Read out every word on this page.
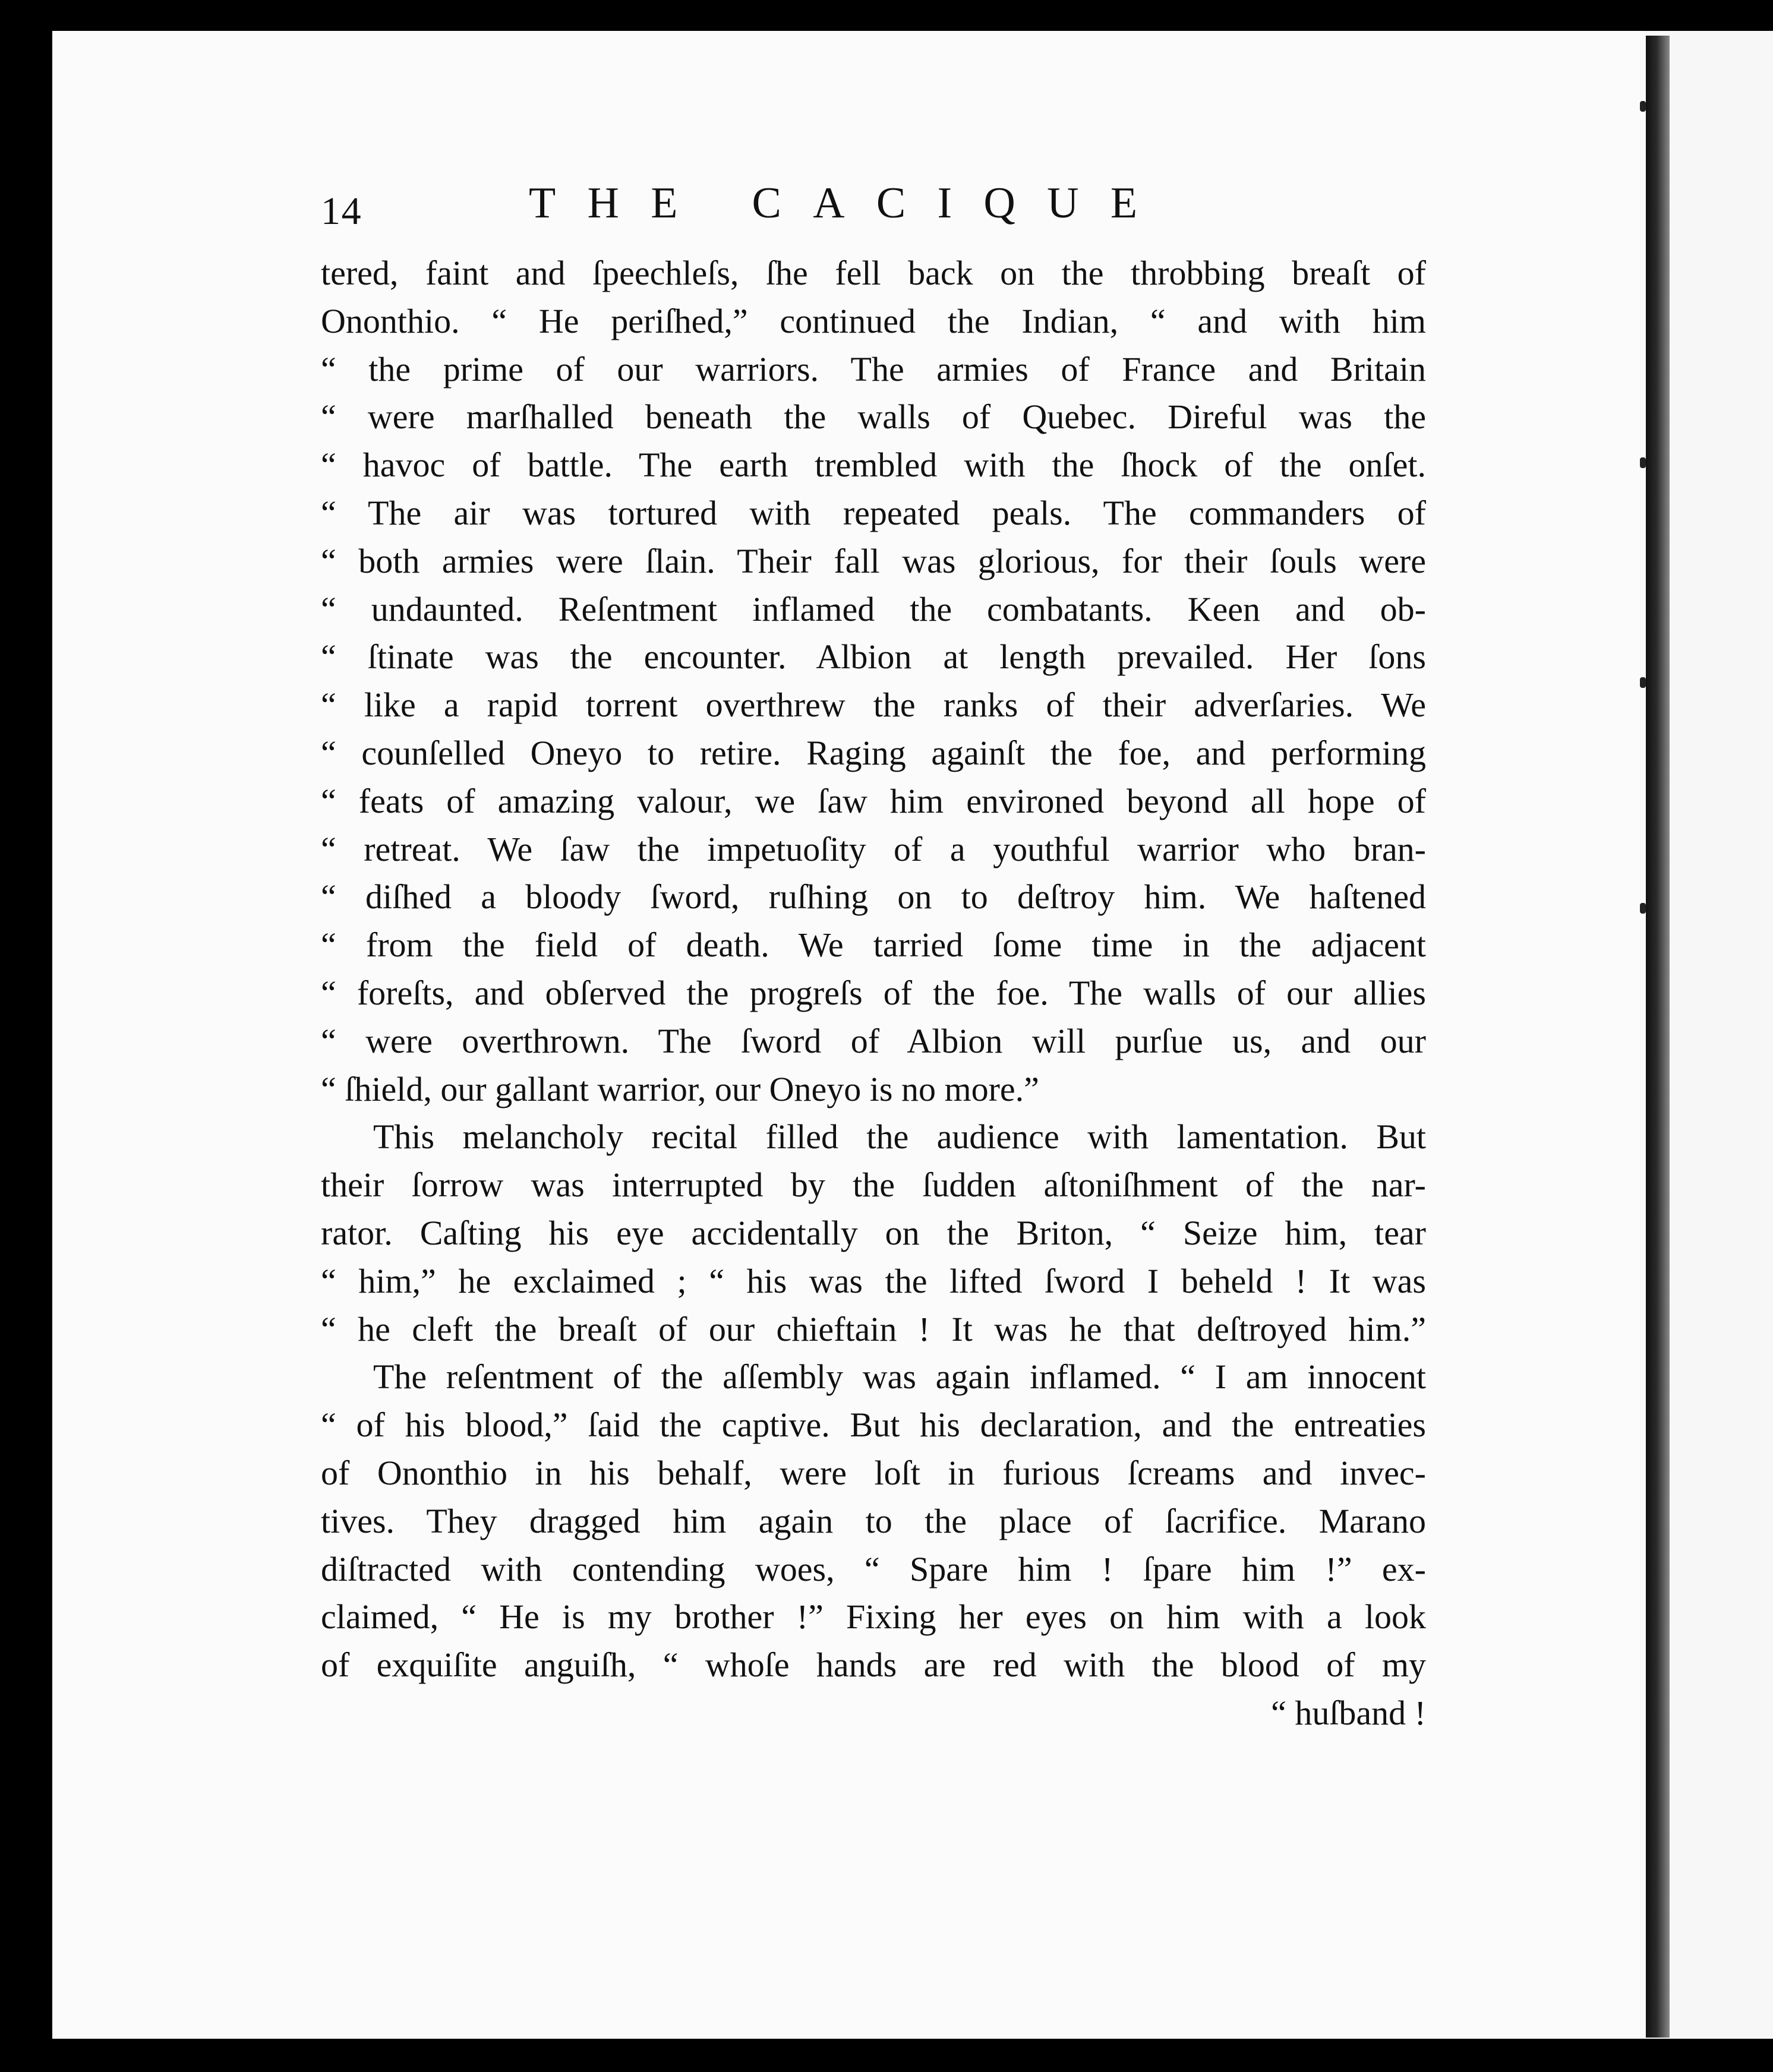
14	THE CACIQUE
tered, faint and ſpeechleſs, ſhe fell back on the throbbing breaſt of
Ononthio. “ He periſhed,” continued the Indian, “ and with him
“ the prime of our warriors. The armies of France and Britain
“ were marſhalled beneath the walls of Quebec. Direful was the
“ havoc of battle. The earth trembled with the ſhock of the onſet.
“ The air was tortured with repeated peals. The commanders of
“ both armies were ſlain. Their fall was glorious, for their ſouls were
“ undaunted. Reſentment inflamed the combatants. Keen and ob-
“ ſtinate was the encounter. Albion at length prevailed. Her ſons
“ like a rapid torrent overthrew the ranks of their adverſaries. We
“ counſelled Oneyo to retire. Raging againſt the foe, and performing
“ feats of amazing valour, we ſaw him environed beyond all hope of
“ retreat. We ſaw the impetuoſity of a youthful warrior who bran-
“ diſhed a bloody ſword, ruſhing on to deſtroy him. We haſtened
“ from the field of death. We tarried ſome time in the adjacent
“ foreſts, and obſerved the progreſs of the foe. The walls of our allies
“ were overthrown. The ſword of Albion will purſue us, and our
“ ſhield, our gallant warrior, our Oneyo is no more.”
This melancholy recital filled the audience with lamentation. But
their ſorrow was interrupted by the ſudden aſtoniſhment of the nar-
rator. Caſting his eye accidentally on the Briton, “ Seize him, tear
“ him,” he exclaimed ; “ his was the lifted ſword I beheld ! It was
“ he cleft the breaſt of our chieftain ! It was he that deſtroyed him.”
The reſentment of the aſſembly was again inflamed. “ I am innocent
“ of his blood,” ſaid the captive. But his declaration, and the entreaties
of Ononthio in his behalf, were loſt in furious ſcreams and invec-
tives. They dragged him again to the place of ſacrifice. Marano
diſtracted with contending woes, “ Spare him ! ſpare him !” ex-
claimed, “ He is my brother !” Fixing her eyes on him with a look
of exquiſite anguiſh, “ whoſe hands are red with the blood of my
“ huſband !
